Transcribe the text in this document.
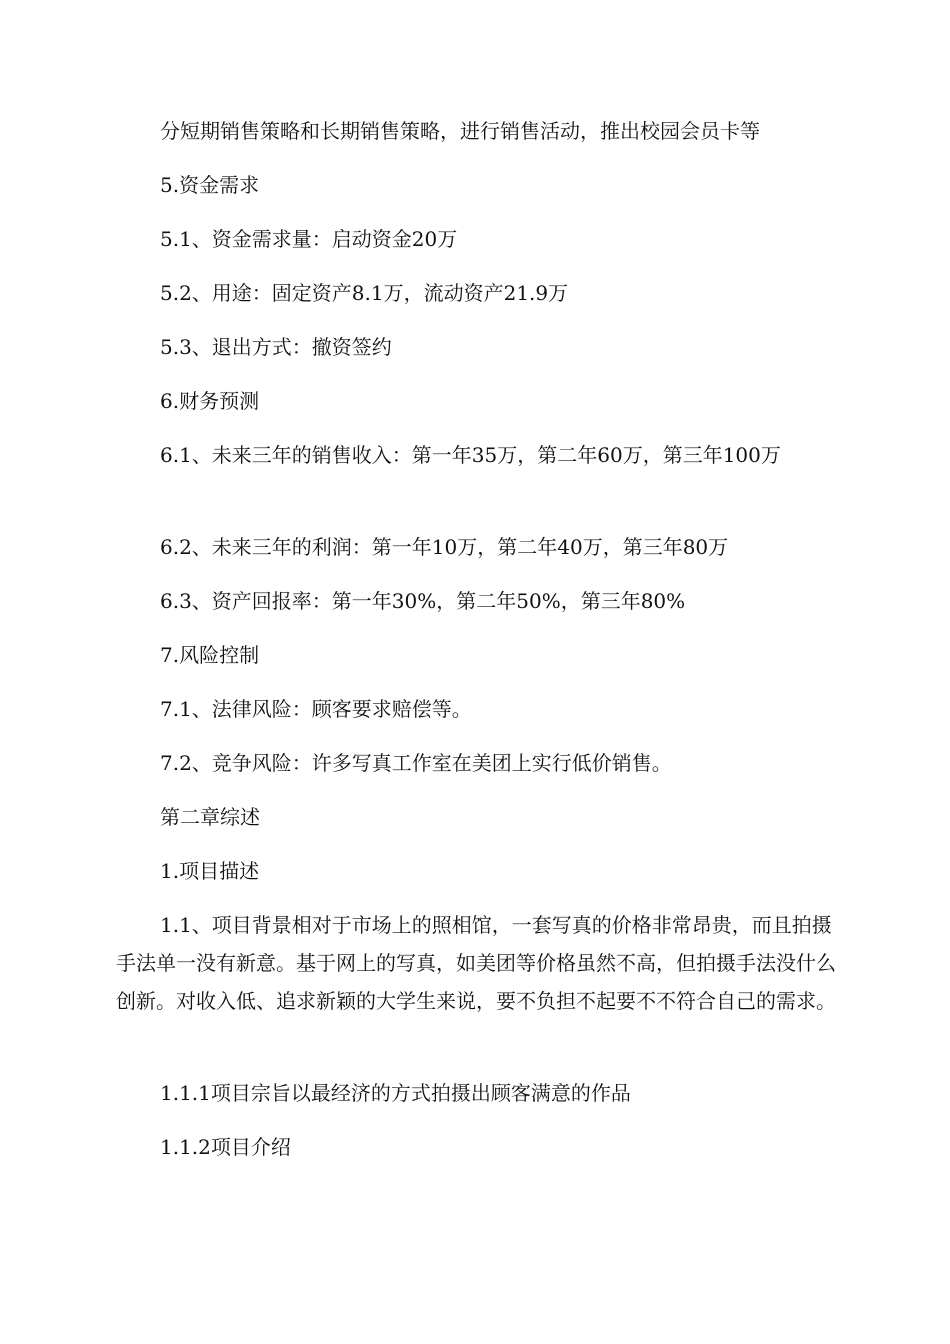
分短期销售策略和长期销售策略，进行销售活动，推出校园会员卡等

5.资金需求

5.1、资金需求量：启动资金20万

5.2、用途：固定资产8.1万，流动资产21.9万

5.3、退出方式：撤资签约

6.财务预测

6.1、未来三年的销售收入：第一年35万，第二年60万，第三年100万

6.2、未来三年的利润：第一年10万，第二年40万，第三年80万

6.3、资产回报率：第一年30%，第二年50%，第三年80%

7.风险控制

7.1、法律风险：顾客要求赔偿等。

7.2、竞争风险：许多写真工作室在美团上实行低价销售。

第二章综述

1.项目描述

1.1、项目背景相对于市场上的照相馆，一套写真的价格非常昂贵，而且拍摄手法单一没有新意。基于网上的写真，如美团等价格虽然不高，但拍摄手法没什么创新。对收入低、追求新颖的大学生来说，要不负担不起要不不符合自己的需求。

1.1.1项目宗旨以最经济的方式拍摄出顾客满意的作品

1.1.2项目介绍
